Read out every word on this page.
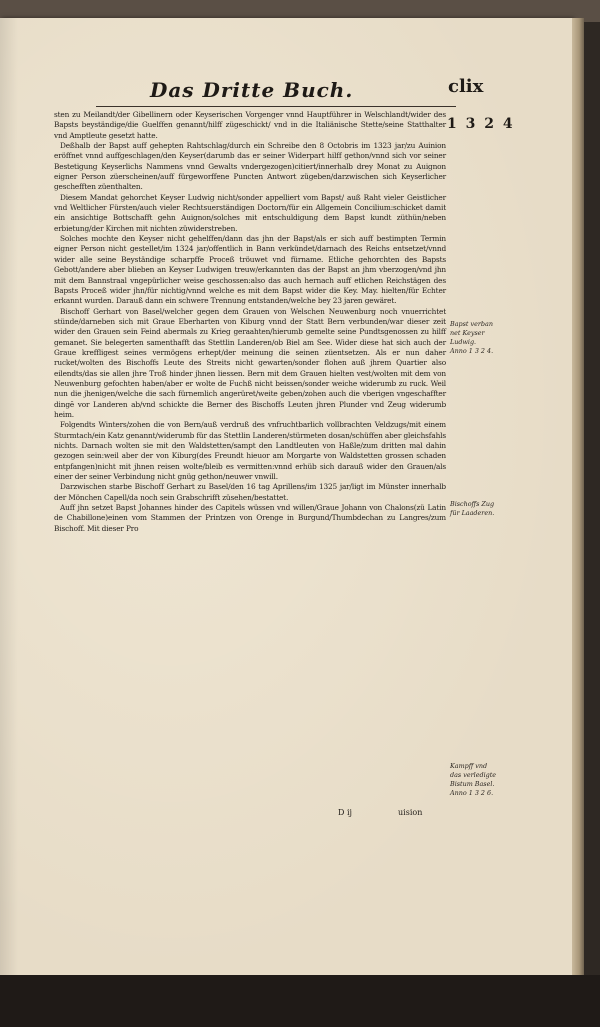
Das Dritte Buch.	clix
1 3 2 4

sten zu Meilandt/der Gibellinern oder Keyserischen Vorgenger vnnd Hauptführer in Welschlandt/wider des Bapsts beyständige/die Guelffen genannt/hilff zügeschickt/ vnd in die Italiänische Stette/seine Statthalter vnd Amptleute gesetzt hatte.

Deßhalb der Bapst auff gehepten Rahtschlag/durch ein Schreibe den 8 Octobris im 1323 jar/zu Auinion eröffnet vnnd auffgeschlagen/den Keyser(darumb das er seiner Widerpart hilff gethon/vnnd sich vor seiner Bestetigung Keyserlichs Nammens vnnd Gewalts vndergezogen)citiert/innerhalb drey Monat zu Auignon eigner Person züerscheinen/auff fürgeworffene Puncten Antwort zügeben/darzwischen sich Keyserlicher geschefften züenthalten.

Diesem Mandat gehorchet Keyser Ludwig nicht/sonder appelliert vom Bapst/ auß Raht vieler Geistlicher vnd Weltlicher Fürsten/auch vieler Rechtsuerständigen Doctorn/für ein Allgemein Concilium:schicket damit ein ansichtige Bottschafft gehn Auignon/solches mit entschuldigung dem Bapst kundt züthün/neben erbietung/der Kirchen mit nichten züwiderstreben.

Solches mochte den Keyser nicht gehelffen/dann das jhn der Bapst/als er sich auff bestimpten Termin eigner Person nicht gestellet/im 1324 jar/offentlich in Bann verkündet/darnach des Reichs entsetzet/vnnd wider alle seine Beyständige scharpffe Proceß tröuwet vnd fürname. Etliche gehorchten des Bapsts Gebott/andere aber blieben an Keyser Ludwigen treuw/erkannten das der Bapst an jhm vberzogen/vnd jhn mit dem Bannstraal vngepürlicher weise geschossen:also das auch hernach auff etlichen Reichstägen des Bapsts Proceß wider jhn/für nichtig/vnnd welche es mit dem Bapst wider die Key. May. hielten/für Echter erkannt wurden. Darauß dann ein schwere Trennung entstanden/welche bey 23 jaren gewäret.

Bischoff Gerhart von Basel/welcher gegen dem Grauen von Welschen Neuwenburg noch vnuerrichtet stünde/darneben sich mit Graue Eberharten von Kiburg vnnd der Statt Bern verbunden/war dieser zeit wider den Grauen sein Feind abermals zu Krieg geraahten/hierumb gemelte seine Pundtsgenossen zu hilff gemanet. Sie belegerten samenthafft das Stettlin Landeren/ob Biel am See. Wider diese hat sich auch der Graue kreffligest seines vermögens erhept/der meinung die seinen züentsetzen. Als er nun daher rucket/wolten des Bischoffs Leute des Streits nicht gewarten/sonder flohen auß jhrem Quartier also eilendts/das sie allen jhre Troß hinder jhnen liessen. Bern mit dem Grauen hielten vest/wolten mit dem von Neuwenburg gefochten haben/aber er wolte de Fuchß nicht beissen/sonder weiche widerumb zu ruck. Weil nun die jhenigen/welche die sach fürnemlich angerüret/weite geben/zohen auch die vberigen vngeschaffter dingē vor Landeren ab/vnd schickte die Berner des Bischoffs Leuten jhren Plunder vnd Zeug widerumb heim.

Folgendts Winters/zohen die von Bern/auß verdruß des vnfruchtbarlich vollbrachten Veldzugs/mit einem Sturmtach/ein Katz genannt/widerumb für das Stettlin Landeren/stürmeten dosan/schüffen aber gleichsfahls nichts. Darnach wolten sie mit den Waldstetten/sampt den Landtleuten von Haßle/zum dritten mal dahin gezogen sein:weil aber der von Kiburg(des Freundt hieuor am Morgarte von Waldstetten grossen schaden entpfangen)nicht mit jhnen reisen wolte/bleib es vermitten:vnnd erhüb sich darauß wider den Grauen/als einer der seiner Verbindung nicht gnüg gethon/neuwer vnwill.

Darzwischen starbe Bischoff Gerhart zu Basel/den 16 tag Aprillens/im 1325 jar/ligt im Münster innerhalb der Mönchen Capell/da noch sein Grabschrifft züsehen/bestattet.

Auff jhn setzet Bapst Johannes hinder des Capitels wüssen vnd willen/Graue Johann von Chalons(zü Latin de Chabillone)einen vom Stammen der Printzen von Orenge in Burgund/Thumbdechan zu Langres/zum Bischoff. Mit dieser Pro

Bapst verban
net Keyser
Ludwig.
Anno 1 3 2 4.
Bischoffs Zug
für Laaderen.
Kampff vnd
das verledigte
Bistum Basel.
Anno 1 3 2 6.
D ij	uision
